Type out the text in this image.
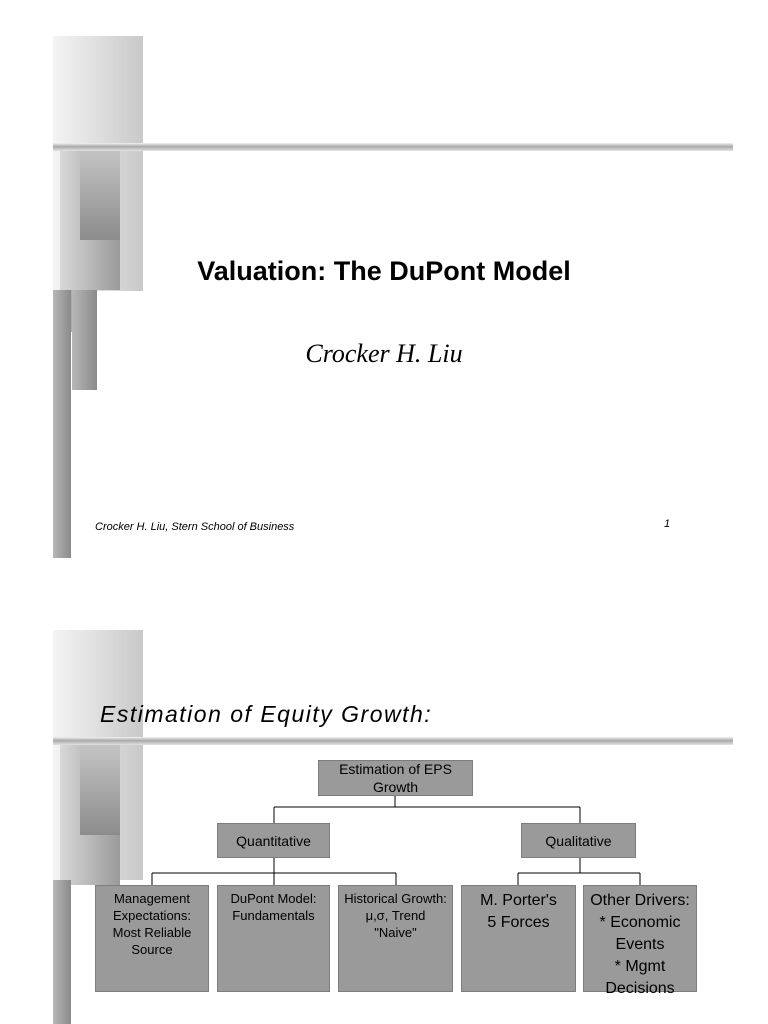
Valuation: The DuPont Model
Crocker H. Liu
Crocker H. Liu, Stern School of Business	1
Estimation of Equity Growth:
Estimation of EPS Growth
Quantitative	Qualitative
Management
Expectations:
Most Reliable
Source
DuPont Model:
Fundamentals
Historical Growth:
μ,σ, Trend
"Naive"
M. Porter's
5 Forces
Other Drivers:
* Economic Events
* Mgmt Decisions
